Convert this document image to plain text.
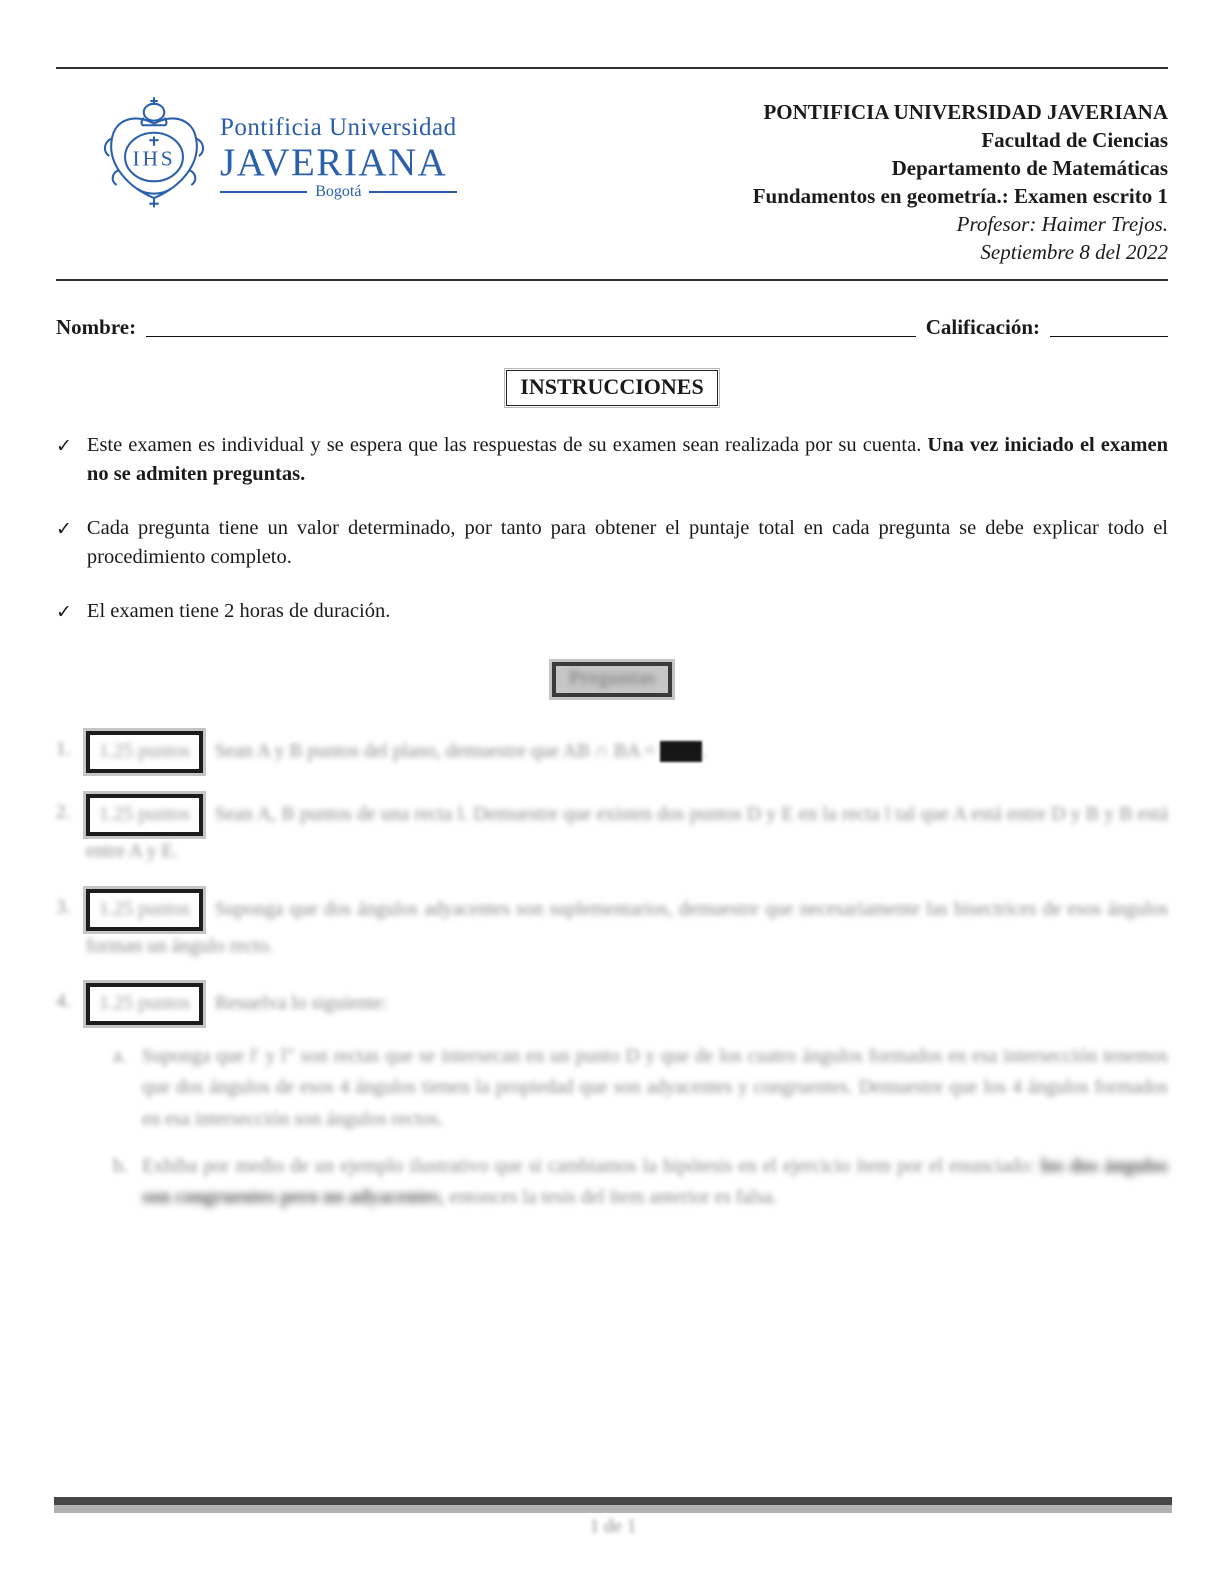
IHS
Pontificia Universidad
JAVERIANA
Bogotá
PONTIFICIA UNIVERSIDAD JAVERIANA
Facultad de Ciencias
Departamento de Matemáticas
Fundamentos en geometría.: Examen escrito 1
Profesor: Haimer Trejos.
Septiembre 8 del 2022
Nombre:	Calificación:
INSTRUCCIONES
✓ Este examen es individual y se espera que las respuestas de su examen sean realizada por su cuenta. Una vez iniciado el examen no se admiten preguntas.
✓ Cada pregunta tiene un valor determinado, por tanto para obtener el puntaje total en cada pregunta se debe explicar todo el procedimiento completo.
✓ El examen tiene 2 horas de duración.
Preguntas
1.	1.25 puntos Sean A y B puntos del plano, demuestre que AB ∩ BA = AB .
2.	1.25 puntos Sean A, B puntos de una recta l. Demuestre que existen dos puntos D y E en la recta l tal que A está entre D y B y B está entre A y E.
3.	1.25 puntos Suponga que dos ángulos adyacentes son suplementarios, demuestre que necesariamente las bisectrices de esos ángulos forman un ángulo recto.
4.	1.25 puntos Resuelva lo siguiente:
a. Suponga que l′ y l′′ son rectas que se intersecan en un punto D y que de los cuatro ángulos formados en esa intersección tenemos que dos ángulos de esos 4 ángulos tienen la propiedad que son adyacentes y congruentes. Demuestre que los 4 ángulos formados en esa intersección son ángulos rectos.
b. Exhiba por medio de un ejemplo ilustrativo que si cambiamos la hipótesis en el ejercicio ítem por el enunciado: los dos ángulos son congruentes pero no adyacentes, entonces la tesis del ítem anterior es falsa.
1 de 1
